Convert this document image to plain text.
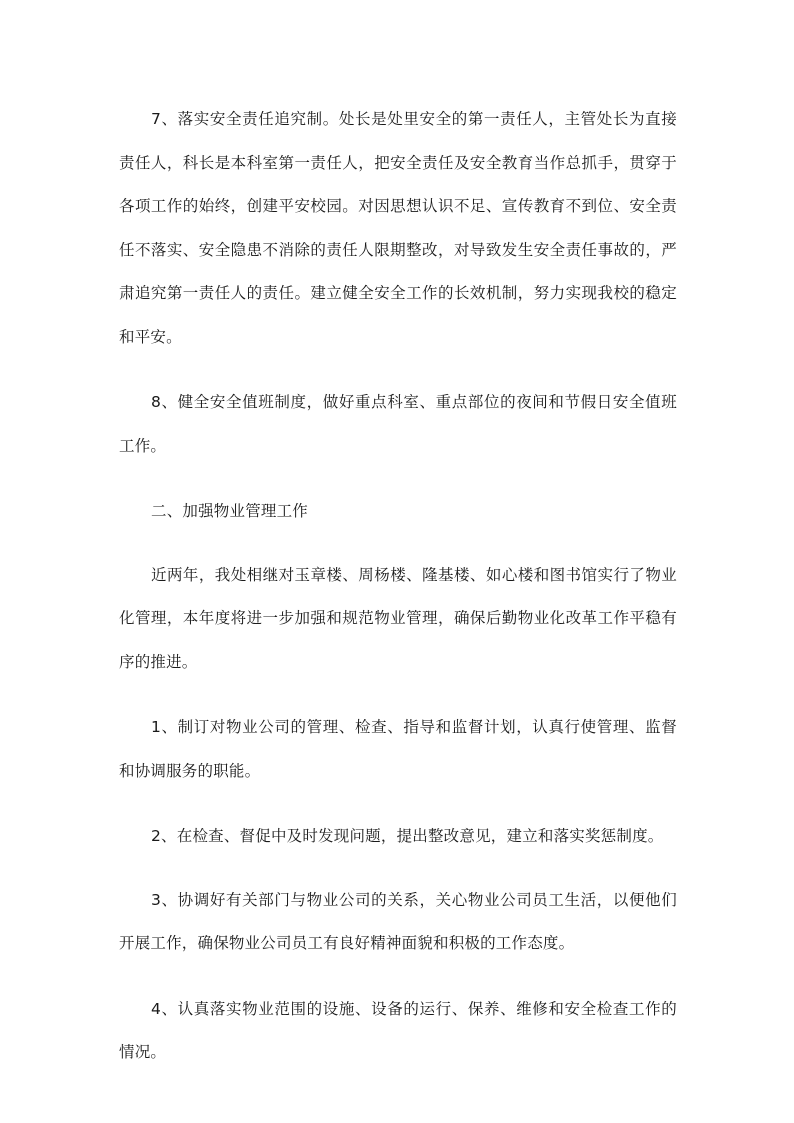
7、落实安全责任追究制。处长是处里安全的第一责任人，主管处长为直接责任人，科长是本科室第一责任人，把安全责任及安全教育当作总抓手，贯穿于各项工作的始终，创建平安校园。对因思想认识不足、宣传教育不到位、安全责任不落实、安全隐患不消除的责任人限期整改，对导致发生安全责任事故的，严肃追究第一责任人的责任。建立健全安全工作的长效机制，努力实现我校的稳定和平安。

8、健全安全值班制度，做好重点科室、重点部位的夜间和节假日安全值班工作。

二、加强物业管理工作

近两年，我处相继对玉章楼、周杨楼、隆基楼、如心楼和图书馆实行了物业化管理，本年度将进一步加强和规范物业管理，确保后勤物业化改革工作平稳有序的推进。

1、制订对物业公司的管理、检查、指导和监督计划，认真行使管理、监督和协调服务的职能。

2、在检查、督促中及时发现问题，提出整改意见，建立和落实奖惩制度。

3、协调好有关部门与物业公司的关系，关心物业公司员工生活，以便他们开展工作，确保物业公司员工有良好精神面貌和积极的工作态度。

4、认真落实物业范围的设施、设备的运行、保养、维修和安全检查工作的情况。
